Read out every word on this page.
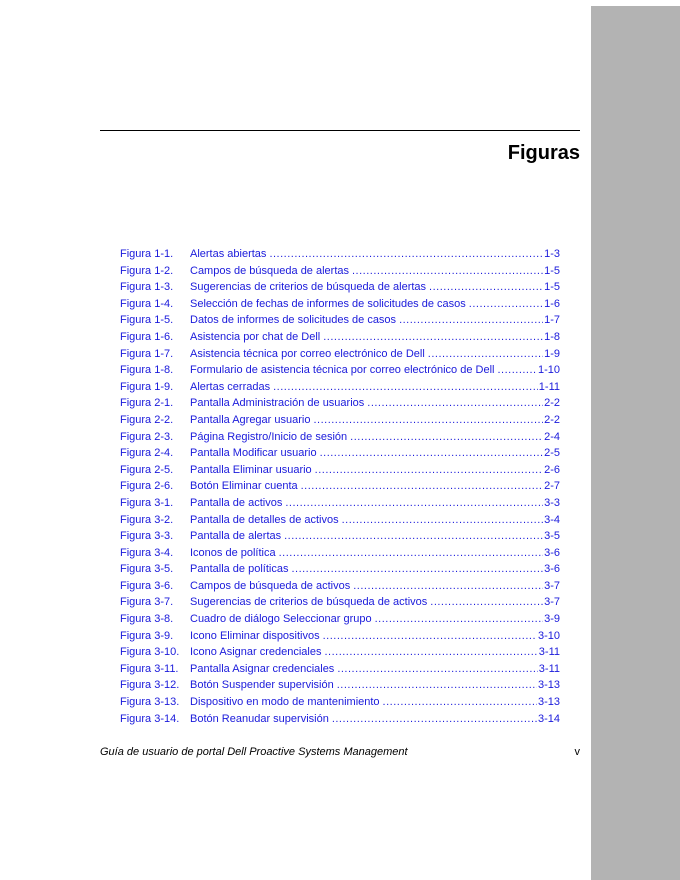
Figuras
Figura 1-1.	Alertas abiertas .....	1-3
Figura 1-2.	Campos de búsqueda de alertas .....	1-5
Figura 1-3.	Sugerencias de criterios de búsqueda de alertas .....	1-5
Figura 1-4.	Selección de fechas de informes de solicitudes de casos .....	1-6
Figura 1-5.	Datos de informes de solicitudes de casos .....	1-7
Figura 1-6.	Asistencia por chat de Dell .....	1-8
Figura 1-7.	Asistencia técnica por correo electrónico de Dell .....	1-9
Figura 1-8.	Formulario de asistencia técnica por correo electrónico de Dell .....	1-10
Figura 1-9.	Alertas cerradas .....	1-11
Figura 2-1.	Pantalla Administración de usuarios .....	2-2
Figura 2-2.	Pantalla Agregar usuario .....	2-2
Figura 2-3.	Página Registro/Inicio de sesión .....	2-4
Figura 2-4.	Pantalla Modificar usuario .....	2-5
Figura 2-5.	Pantalla Eliminar usuario .....	2-6
Figura 2-6.	Botón Eliminar cuenta .....	2-7
Figura 3-1.	Pantalla de activos .....	3-3
Figura 3-2.	Pantalla de detalles de activos .....	3-4
Figura 3-3.	Pantalla de alertas .....	3-5
Figura 3-4.	Iconos de política .....	3-6
Figura 3-5.	Pantalla de políticas .....	3-6
Figura 3-6.	Campos de búsqueda de activos .....	3-7
Figura 3-7.	Sugerencias de criterios de búsqueda de activos .....	3-7
Figura 3-8.	Cuadro de diálogo Seleccionar grupo .....	3-9
Figura 3-9.	Icono Eliminar dispositivos .....	3-10
Figura 3-10. Icono Asignar credenciales .....	3-11
Figura 3-11.	Pantalla Asignar credenciales .....	3-11
Figura 3-12. Botón Suspender supervisión .....	3-13
Figura 3-13. Dispositivo en modo de mantenimiento .....	3-13
Figura 3-14. Botón Reanudar supervisión .....	3-14
Guía de usuario de portal Dell Proactive Systems Management	v
